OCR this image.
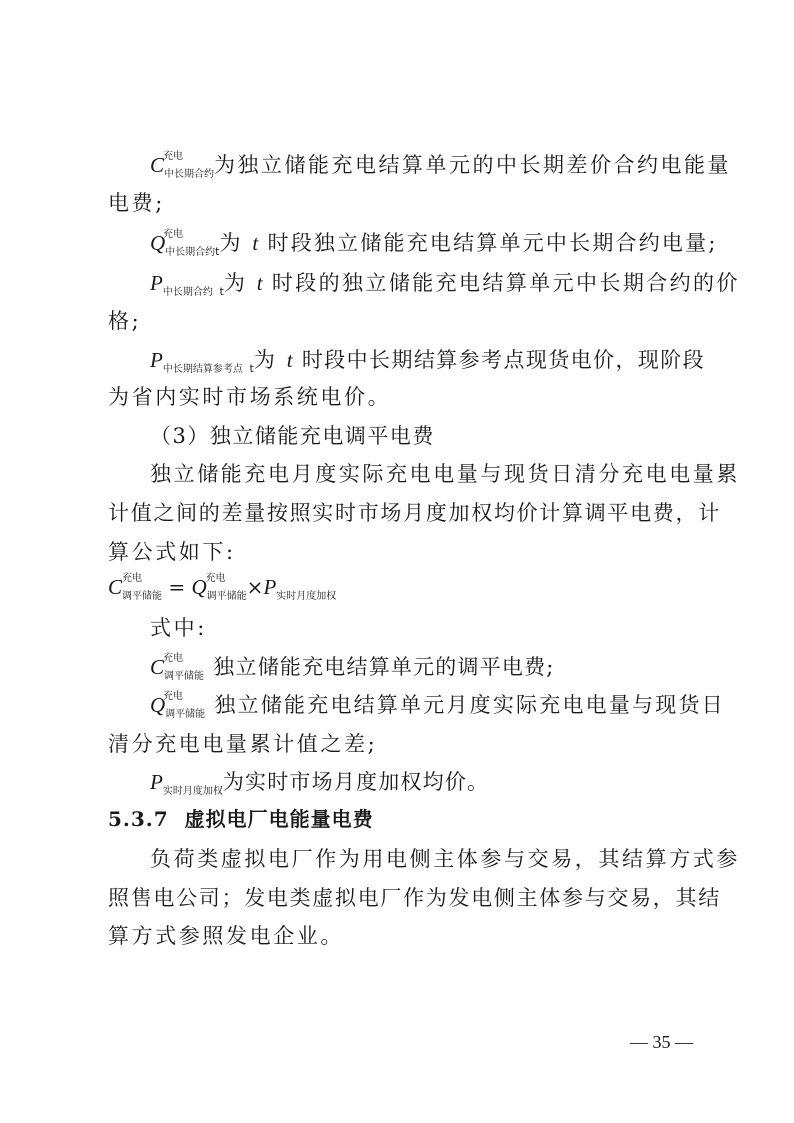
C
充电
中长期合约为独立储能充电结算单元的中长期差价合约电能量
电费;
Q
充电
中长期合约t为 t 时段独立储能充电结算单元中长期合约电量;
P中长期合约 t为 t 时段的独立储能充电结算单元中长期合约的价
格;
P中长期结算参考点 t为 t 时段中长期结算参考点现货电价，现阶段
为省内实时市场系统电价。
（3）独立储能充电调平电费
独立储能充电月度实际充电电量与现货日清分充电电量累
计值之间的差量按照实时市场月度加权均价计算调平电费，计
算公式如下:
C 充电
调平储能 = Q
充电
调平储能×P实时月度加权
式中:
C
充电
调平储能 独立储能充电结算单元的调平电费;
Q
充电
调平储能 独立储能充电结算单元月度实际充电电量与现货日
清分充电电量累计值之差;
P实时月度加权为实时市场月度加权均价。
5.3.7 虚拟电厂电能量电费
负荷类虚拟电厂作为用电侧主体参与交易，其结算方式参
照售电公司；发电类虚拟电厂作为发电侧主体参与交易，其结
算方式参照发电企业。
— 35 —
